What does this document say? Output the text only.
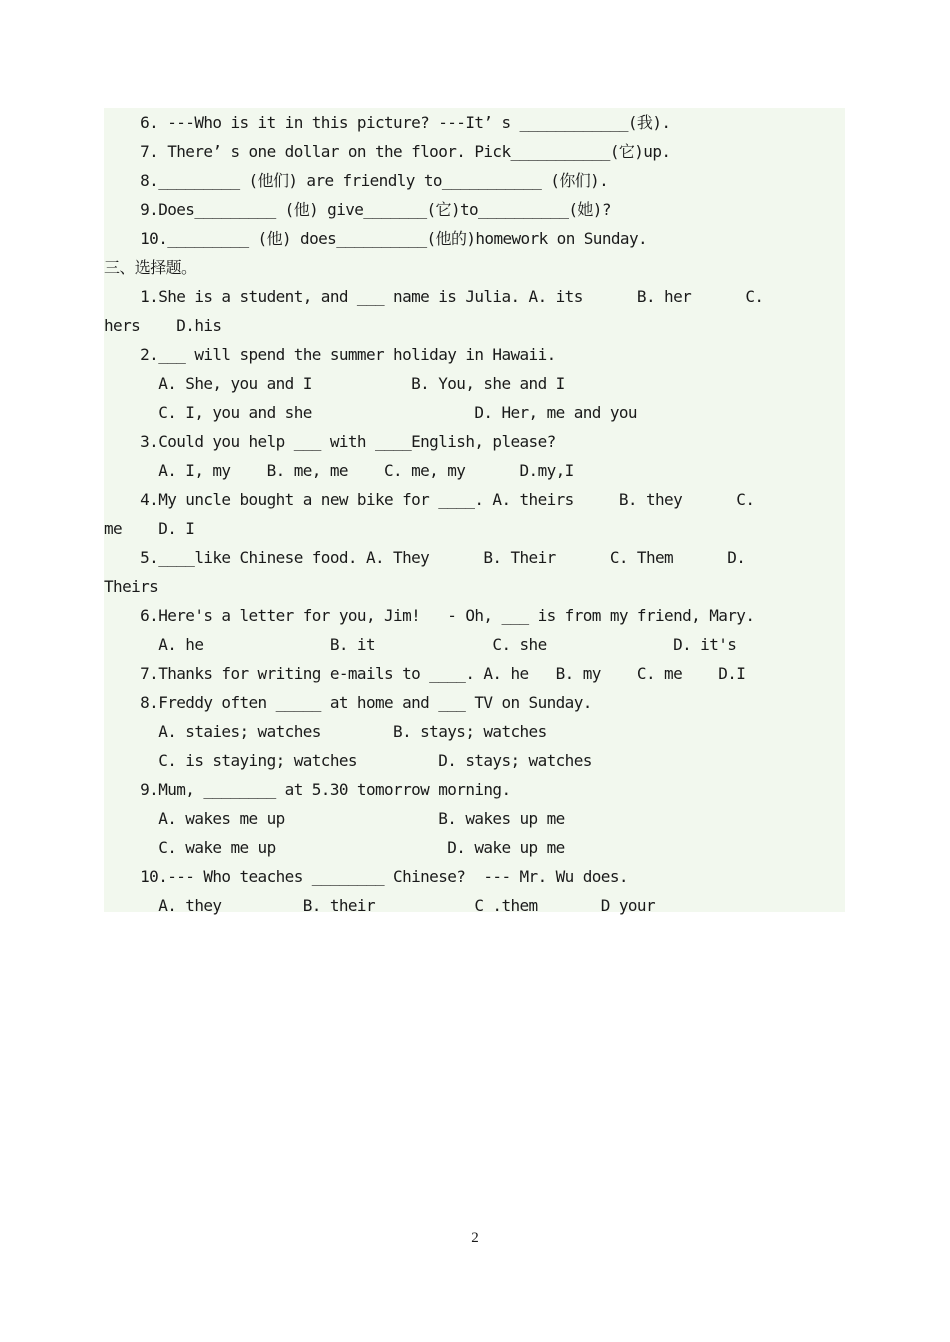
6. ---Who is it in this picture? ---It’ s ____________(我).
7. There’ s one dollar on the floor. Pick___________(它)up.
8._________ (他们) are friendly to___________ (你们).
9.Does_________ (他) give_______(它)to__________(她)?
10._________ (他) does__________(他的)homework on Sunday.
三、选择题。
1.She is a student, and ___ name is Julia. A. its      B. her      C.
hers    D.his
2.___ will spend the summer holiday in Hawaii.
A. She, you and I           B. You, she and I
C. I, you and she                  D. Her, me and you
3.Could you help ___ with ____English, please?
A. I, my    B. me, me    C. me, my      D.my,I
4.My uncle bought a new bike for ____. A. theirs     B. they      C.
me    D. I
5.____like Chinese food. A. They      B. Their      C. Them      D.
Theirs
6.Here's a letter for you, Jim!   - Oh, ___ is from my friend, Mary.
A. he              B. it             C. she              D. it's
7.Thanks for writing e-mails to ____. A. he   B. my    C. me    D.I
8.Freddy often _____ at home and ___ TV on Sunday.
A. staies; watches        B. stays; watches
C. is staying; watches         D. stays; watches
9.Mum, ________ at 5.30 tomorrow morning.
A. wakes me up                 B. wakes up me
C. wake me up                   D. wake up me
10.--- Who teaches ________ Chinese?  --- Mr. Wu does.
A. they         B. their           C .them       D your
2
